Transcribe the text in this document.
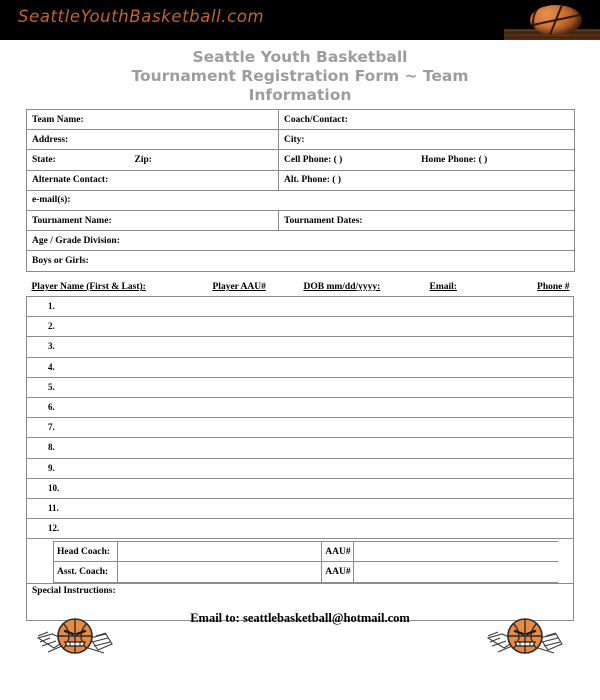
SeattleYouthBasketball.com
Seattle Youth Basketball
Tournament Registration Form ~ Team
Information
Team Name:	Coach/Contact:
Address:	City:
State: Zip:	Cell Phone: ( ) Home Phone: ( )
Alternate Contact:	Alt. Phone: ( )
e-mail(s):	
Tournament Name:	Tournament Dates:
Age / Grade Division:	
Boys or Girls:	
Player Name (First & Last):	Player AAU#	DOB mm/dd/yyyy:	Email:	Phone #

1.
2.
3.
4.
5.
6.
7.
8.
9.
10.
11.
12.

Head Coach:		AAU#	
Asst. Coach:		AAU#	

Special Instructions:
Email to: seattlebasketball@hotmail.com
